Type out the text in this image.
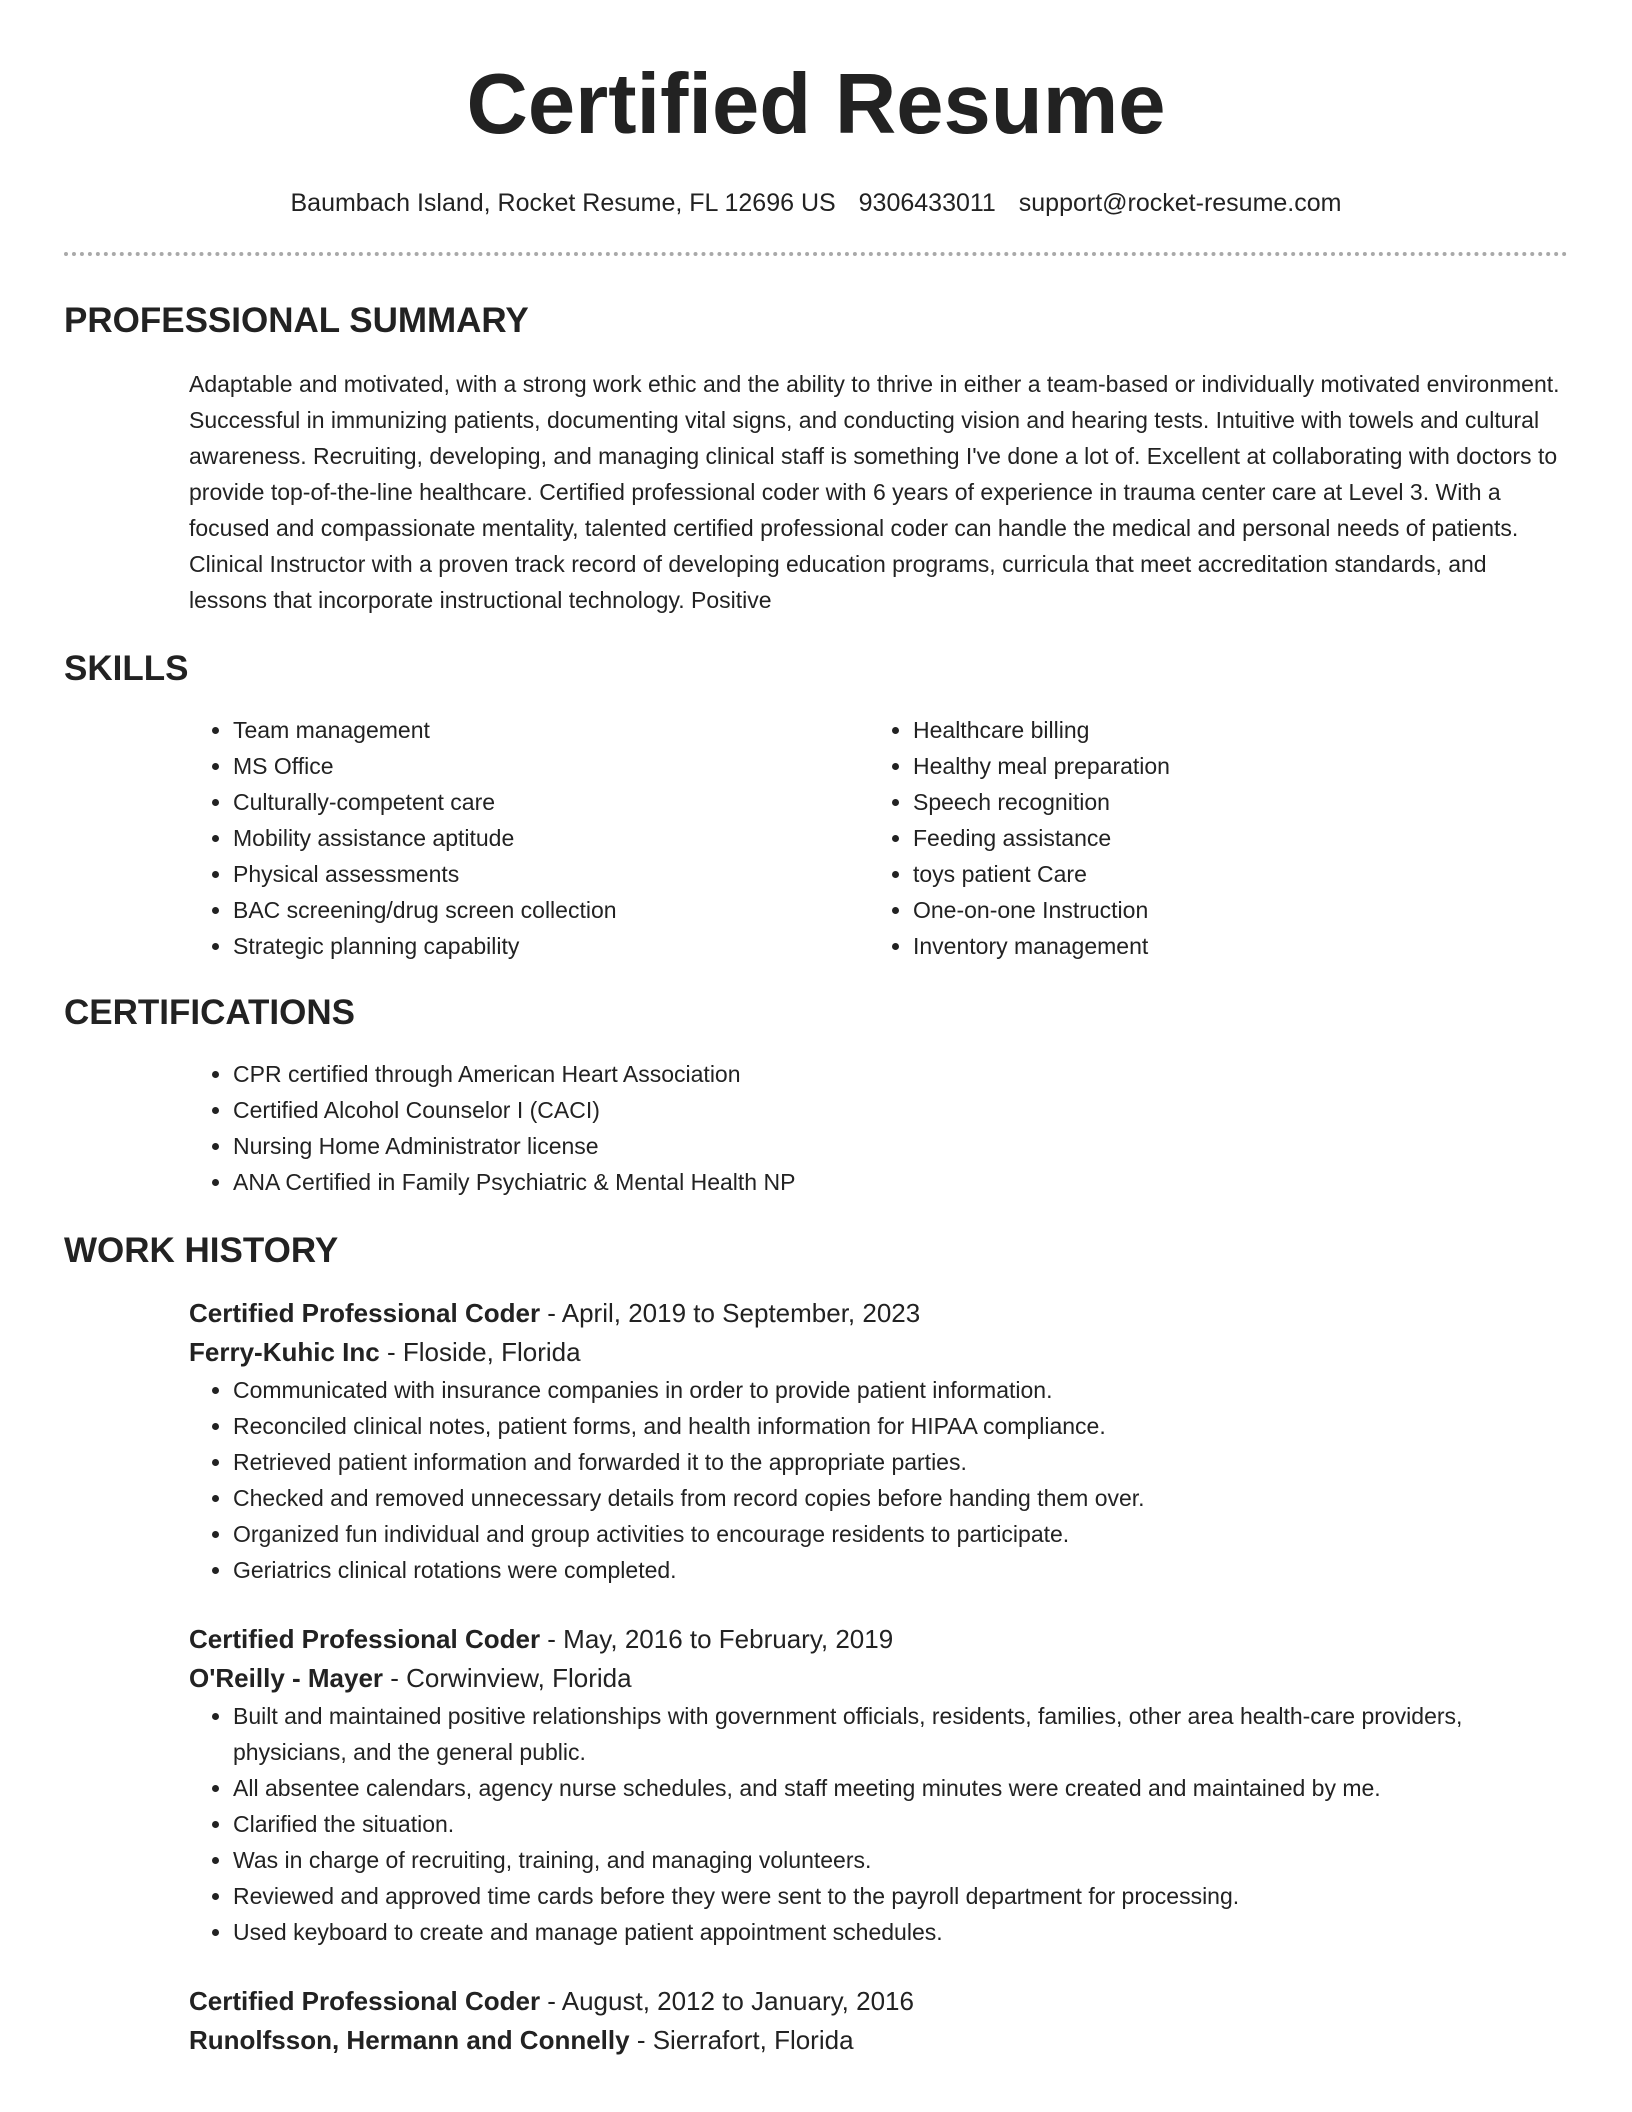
Certified Resume
Baumbach Island, Rocket Resume, FL 12696 US 9306433011 support@rocket-resume.com
PROFESSIONAL SUMMARY
Adaptable and motivated, with a strong work ethic and the ability to thrive in either a team-based or individually motivated environment. Successful in immunizing patients, documenting vital signs, and conducting vision and hearing tests. Intuitive with towels and cultural awareness. Recruiting, developing, and managing clinical staff is something I've done a lot of. Excellent at collaborating with doctors to provide top-of-the-line healthcare. Certified professional coder with 6 years of experience in trauma center care at Level 3. With a focused and compassionate mentality, talented certified professional coder can handle the medical and personal needs of patients. Clinical Instructor with a proven track record of developing education programs, curricula that meet accreditation standards, and lessons that incorporate instructional technology. Positive
SKILLS
• Team management
• MS Office
• Culturally-competent care
• Mobility assistance aptitude
• Physical assessments
• BAC screening/drug screen collection
• Strategic planning capability
• Healthcare billing
• Healthy meal preparation
• Speech recognition
• Feeding assistance
• toys patient Care
• One-on-one Instruction
• Inventory management
CERTIFICATIONS
• CPR certified through American Heart Association
• Certified Alcohol Counselor I (CACI)
• Nursing Home Administrator license
• ANA Certified in Family Psychiatric & Mental Health NP
WORK HISTORY
Certified Professional Coder - April, 2019 to September, 2023
Ferry-Kuhic Inc - Floside, Florida
• Communicated with insurance companies in order to provide patient information.
• Reconciled clinical notes, patient forms, and health information for HIPAA compliance.
• Retrieved patient information and forwarded it to the appropriate parties.
• Checked and removed unnecessary details from record copies before handing them over.
• Organized fun individual and group activities to encourage residents to participate.
• Geriatrics clinical rotations were completed.
Certified Professional Coder - May, 2016 to February, 2019
O'Reilly - Mayer - Corwinview, Florida
• Built and maintained positive relationships with government officials, residents, families, other area health-care providers, physicians, and the general public.
• All absentee calendars, agency nurse schedules, and staff meeting minutes were created and maintained by me.
• Clarified the situation.
• Was in charge of recruiting, training, and managing volunteers.
• Reviewed and approved time cards before they were sent to the payroll department for processing.
• Used keyboard to create and manage patient appointment schedules.
Certified Professional Coder - August, 2012 to January, 2016
Runolfsson, Hermann and Connelly - Sierrafort, Florida
